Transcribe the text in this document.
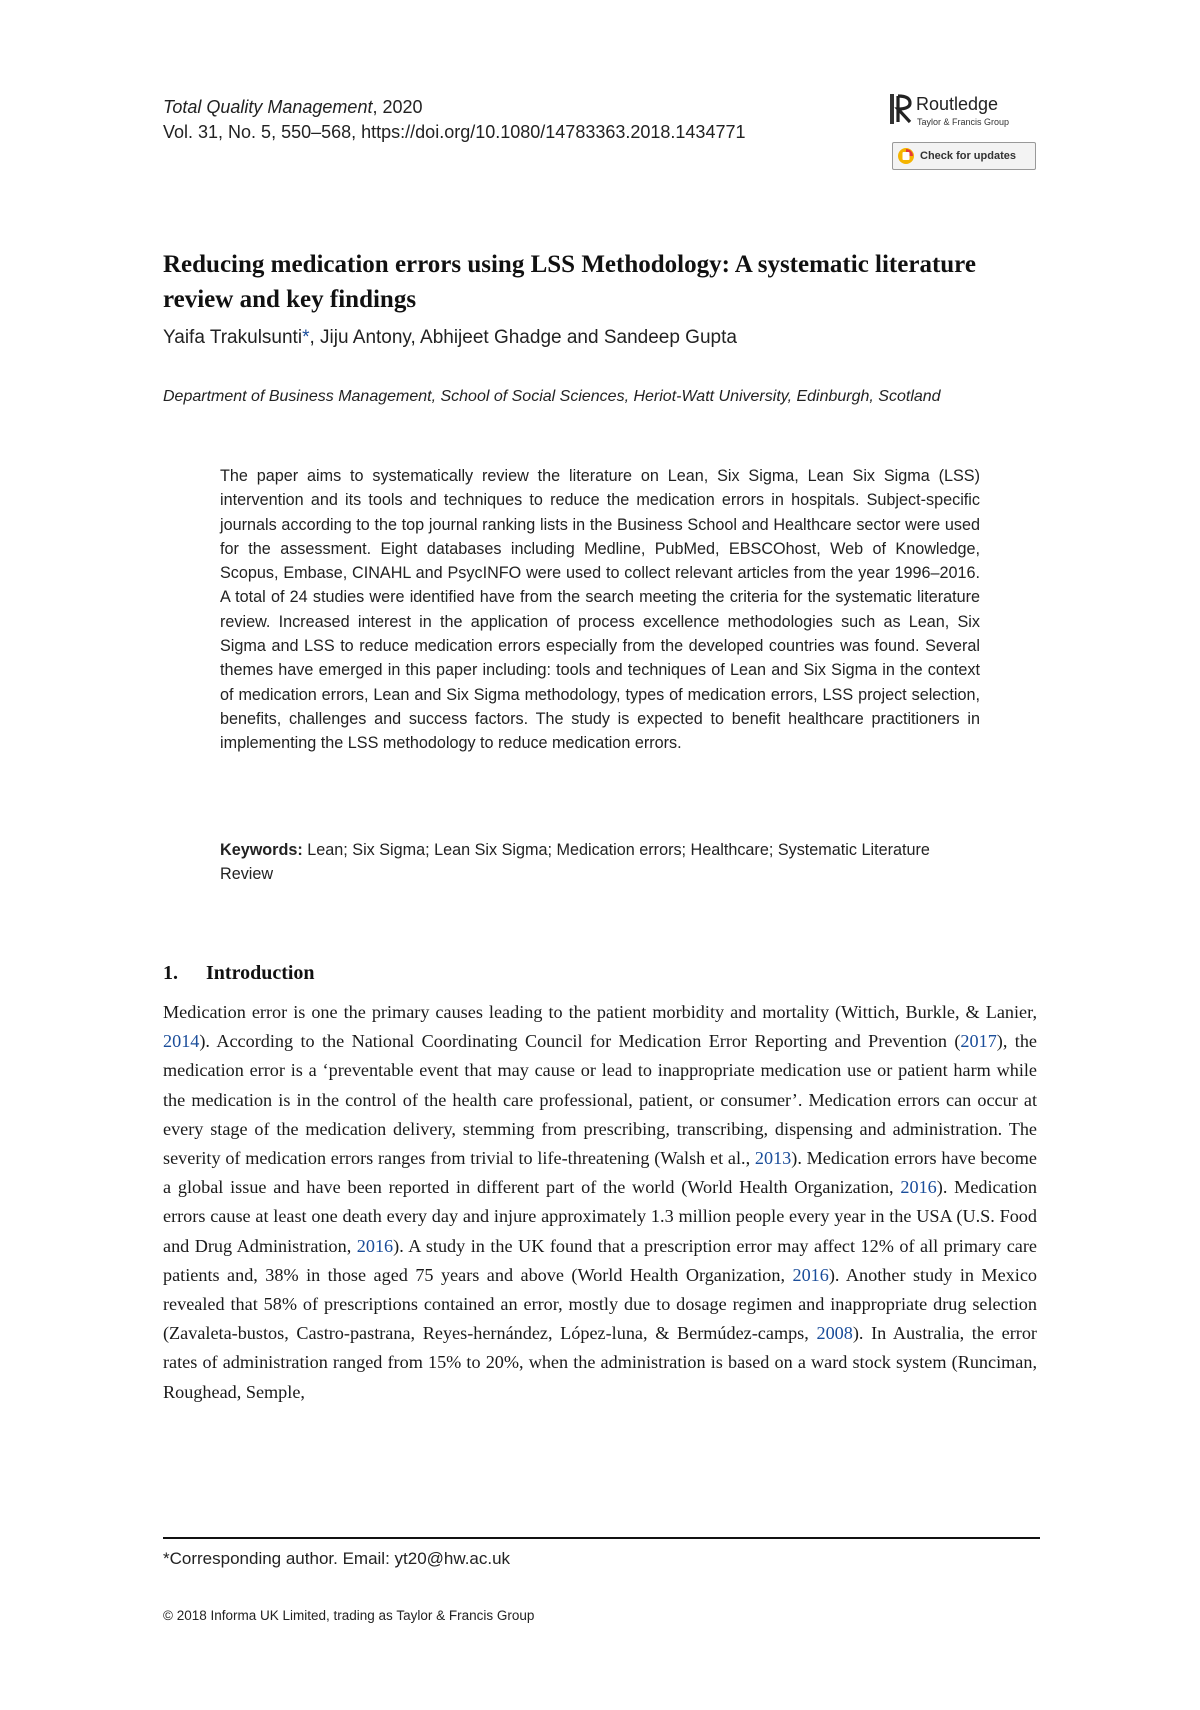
Total Quality Management, 2020
Vol. 31, No. 5, 550–568, https://doi.org/10.1080/14783363.2018.1434771
Routledge
Taylor & Francis Group
Check for updates
Reducing medication errors using LSS Methodology: A systematic literature review and key findings
Yaifa Trakulsunti*, Jiju Antony, Abhijeet Ghadge and Sandeep Gupta
Department of Business Management, School of Social Sciences, Heriot-Watt University, Edinburgh, Scotland
The paper aims to systematically review the literature on Lean, Six Sigma, Lean Six Sigma (LSS) intervention and its tools and techniques to reduce the medication errors in hospitals. Subject-specific journals according to the top journal ranking lists in the Business School and Healthcare sector were used for the assessment. Eight databases including Medline, PubMed, EBSCOhost, Web of Knowledge, Scopus, Embase, CINAHL and PsycINFO were used to collect relevant articles from the year 1996–2016. A total of 24 studies were identified have from the search meeting the criteria for the systematic literature review. Increased interest in the application of process excellence methodologies such as Lean, Six Sigma and LSS to reduce medication errors especially from the developed countries was found. Several themes have emerged in this paper including: tools and techniques of Lean and Six Sigma in the context of medication errors, Lean and Six Sigma methodology, types of medication errors, LSS project selection, benefits, challenges and success factors. The study is expected to benefit healthcare practitioners in implementing the LSS methodology to reduce medication errors.
Keywords: Lean; Six Sigma; Lean Six Sigma; Medication errors; Healthcare; Systematic Literature Review
1. Introduction

Medication error is one the primary causes leading to the patient morbidity and mortality (Wittich, Burkle, & Lanier, 2014). According to the National Coordinating Council for Medication Error Reporting and Prevention (2017), the medication error is a ‘preventable event that may cause or lead to inappropriate medication use or patient harm while the medication is in the control of the health care professional, patient, or consumer’. Medication errors can occur at every stage of the medication delivery, stemming from prescribing, transcribing, dispensing and administration. The severity of medication errors ranges from trivial to life-threatening (Walsh et al., 2013). Medication errors have become a global issue and have been reported in different part of the world (World Health Organization, 2016). Medication errors cause at least one death every day and injure approximately 1.3 million people every year in the USA (U.S. Food and Drug Administration, 2016). A study in the UK found that a prescription error may affect 12% of all primary care patients and, 38% in those aged 75 years and above (World Health Organization, 2016). Another study in Mexico revealed that 58% of prescriptions contained an error, mostly due to dosage regimen and inappropriate drug selection (Zavaleta-bustos, Castro-pastrana, Reyes-hernández, López-luna, & Bermúdez-camps, 2008). In Australia, the error rates of administration ranged from 15% to 20%, when the administration is based on a ward stock system (Runciman, Roughead, Semple,

*Corresponding author. Email: yt20@hw.ac.uk
© 2018 Informa UK Limited, trading as Taylor & Francis Group
